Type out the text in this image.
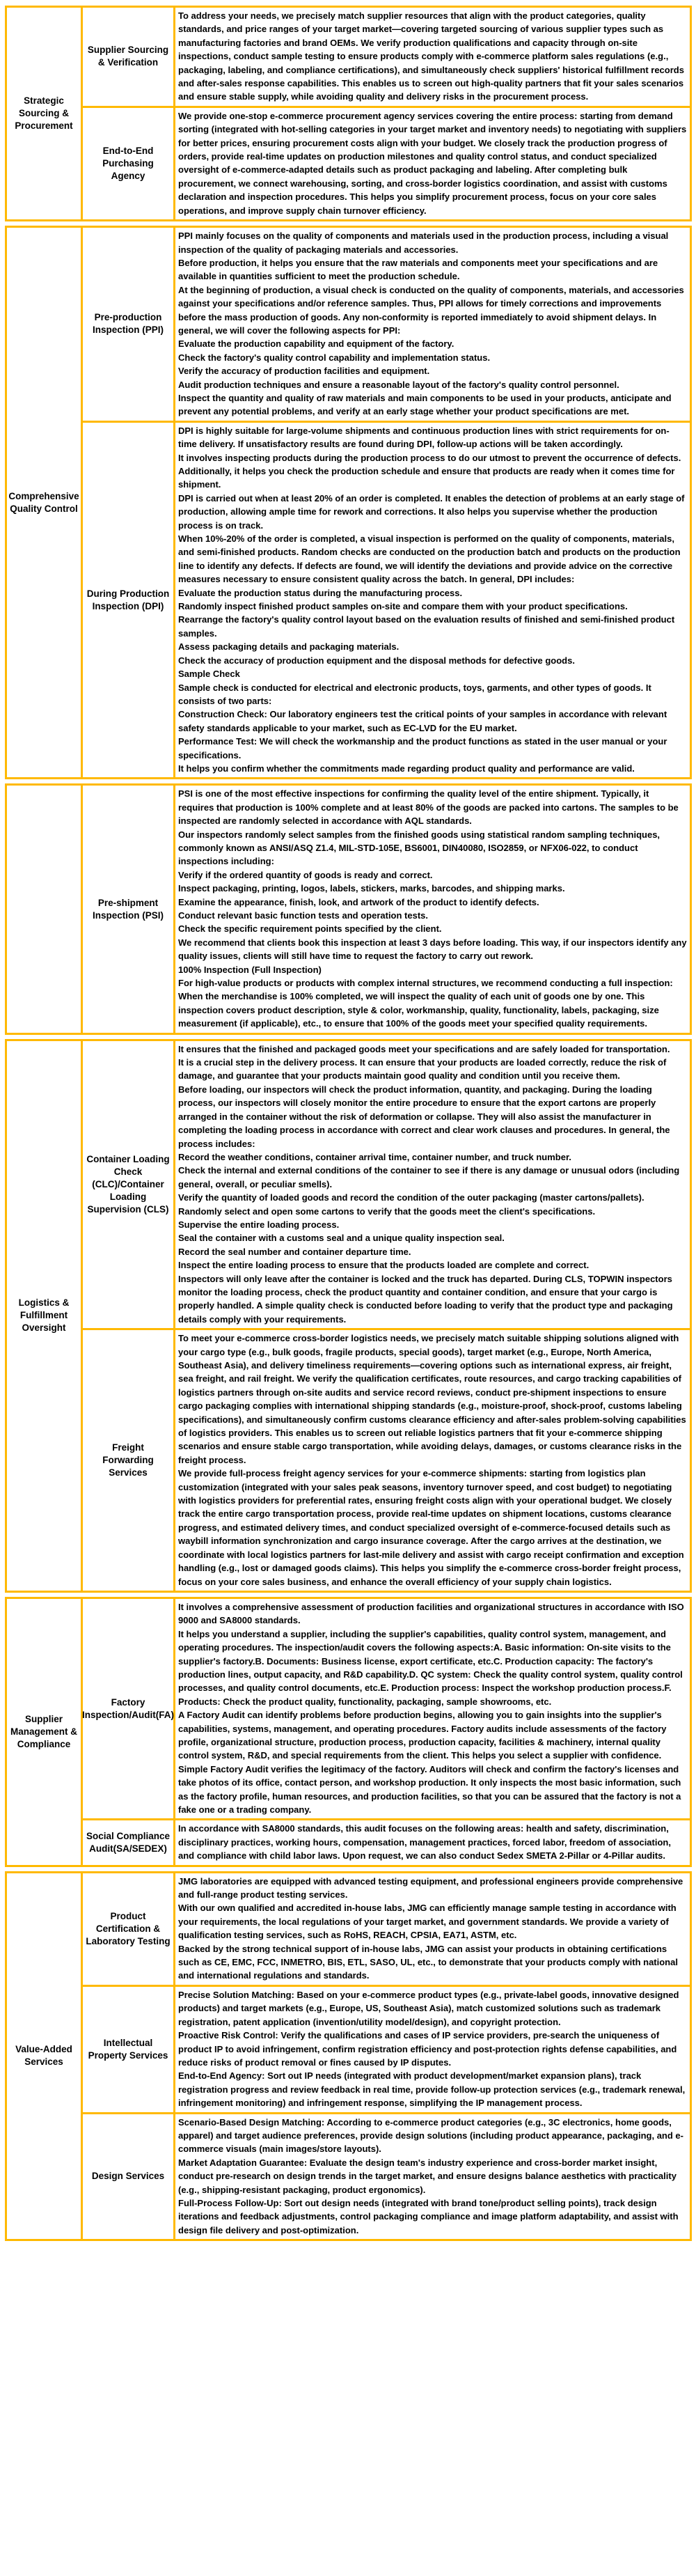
Strategic Sourcing & Procurement
Supplier Sourcing & Verification

To address your needs, we precisely match supplier resources that align with the product categories, quality standards, and price ranges of your target market—covering targeted sourcing of various supplier types such as manufacturing factories and brand OEMs. We verify production qualifications and capacity through on-site inspections, conduct sample testing to ensure products comply with e-commerce platform sales regulations (e.g., packaging, labeling, and compliance certifications), and simultaneously check suppliers' historical fulfillment records and after-sales response capabilities. This enables us to screen out high-quality partners that fit your sales scenarios and ensure stable supply, while avoiding quality and delivery risks in the procurement process.

End-to-End Purchasing Agency

We provide one-stop e-commerce procurement agency services covering the entire process: starting from demand sorting (integrated with hot-selling categories in your target market and inventory needs) to negotiating with suppliers for better prices, ensuring procurement costs align with your budget. We closely track the production progress of orders, provide real-time updates on production milestones and quality control status, and conduct specialized oversight of e-commerce-adapted details such as product packaging and labeling. After completing bulk procurement, we connect warehousing, sorting, and cross-border logistics coordination, and assist with customs declaration and inspection procedures. This helps you simplify procurement process, focus on your core sales operations, and improve supply chain turnover efficiency.

Comprehensive Quality Control
Pre-production Inspection (PPI)

PPI mainly focuses on the quality of components and materials used in the production process, including a visual inspection of the quality of packaging materials and accessories.

Before production, it helps you ensure that the raw materials and components meet your specifications and are available in quantities sufficient to meet the production schedule.

At the beginning of production, a visual check is conducted on the quality of components, materials, and accessories against your specifications and/or reference samples. Thus, PPI allows for timely corrections and improvements before the mass production of goods. Any non-conformity is reported immediately to avoid shipment delays. In general, we will cover the following aspects for PPI:

Evaluate the production capability and equipment of the factory.

Check the factory's quality control capability and implementation status.

Verify the accuracy of production facilities and equipment.

Audit production techniques and ensure a reasonable layout of the factory's quality control personnel.

Inspect the quantity and quality of raw materials and main components to be used in your products, anticipate and prevent any potential problems, and verify at an early stage whether your product specifications are met.

During Production Inspection (DPI)

DPI is highly suitable for large-volume shipments and continuous production lines with strict requirements for on-time delivery. If unsatisfactory results are found during DPI, follow-up actions will be taken accordingly.

It involves inspecting products during the production process to do our utmost to prevent the occurrence of defects. Additionally, it helps you check the production schedule and ensure that products are ready when it comes time for shipment.

DPI is carried out when at least 20% of an order is completed. It enables the detection of problems at an early stage of production, allowing ample time for rework and corrections. It also helps you supervise whether the production process is on track.

When 10%-20% of the order is completed, a visual inspection is performed on the quality of components, materials, and semi-finished products. Random checks are conducted on the production batch and products on the production line to identify any defects. If defects are found, we will identify the deviations and provide advice on the corrective measures necessary to ensure consistent quality across the batch. In general, DPI includes:

Evaluate the production status during the manufacturing process.

Randomly inspect finished product samples on-site and compare them with your product specifications.

Rearrange the factory's quality control layout based on the evaluation results of finished and semi-finished product samples.

Assess packaging details and packaging materials.

Check the accuracy of production equipment and the disposal methods for defective goods.

Sample Check

Sample check is conducted for electrical and electronic products, toys, garments, and other types of goods. It consists of two parts:

Construction Check: Our laboratory engineers test the critical points of your samples in accordance with relevant safety standards applicable to your market, such as EC-LVD for the EU market.

Performance Test: We will check the workmanship and the product functions as stated in the user manual or your specifications.

It helps you confirm whether the commitments made regarding product quality and performance are valid.

Pre-shipment Inspection (PSI)

PSI is one of the most effective inspections for confirming the quality level of the entire shipment. Typically, it requires that production is 100% complete and at least 80% of the goods are packed into cartons. The samples to be inspected are randomly selected in accordance with AQL standards.

Our inspectors randomly select samples from the finished goods using statistical random sampling techniques, commonly known as ANSI/ASQ Z1.4, MIL-STD-105E, BS6001, DIN40080, ISO2859, or NFX06-022, to conduct inspections including:

Verify if the ordered quantity of goods is ready and correct.

Inspect packaging, printing, logos, labels, stickers, marks, barcodes, and shipping marks.

Examine the appearance, finish, look, and artwork of the product to identify defects.

Conduct relevant basic function tests and operation tests.

Check the specific requirement points specified by the client.

We recommend that clients book this inspection at least 3 days before loading. This way, if our inspectors identify any quality issues, clients will still have time to request the factory to carry out rework.

100% Inspection (Full Inspection)

For high-value products or products with complex internal structures, we recommend conducting a full inspection: When the merchandise is 100% completed, we will inspect the quality of each unit of goods one by one. This inspection covers product description, style & color, workmanship, quality, functionality, labels, packaging, size measurement (if applicable), etc., to ensure that 100% of the goods meet your specified quality requirements.

Logistics & Fulfillment Oversight
Container Loading Check (CLC)/Container Loading Supervision (CLS)

It ensures that the finished and packaged goods meet your specifications and are safely loaded for transportation.

It is a crucial step in the delivery process. It can ensure that your products are loaded correctly, reduce the risk of damage, and guarantee that your products maintain good quality and condition until you receive them.

Before loading, our inspectors will check the product information, quantity, and packaging. During the loading process, our inspectors will closely monitor the entire procedure to ensure that the export cartons are properly arranged in the container without the risk of deformation or collapse. They will also assist the manufacturer in completing the loading process in accordance with correct and clear work clauses and procedures. In general, the process includes:

Record the weather conditions, container arrival time, container number, and truck number.

Check the internal and external conditions of the container to see if there is any damage or unusual odors (including general, overall, or peculiar smells).

Verify the quantity of loaded goods and record the condition of the outer packaging (master cartons/pallets).

Randomly select and open some cartons to verify that the goods meet the client's specifications.

Supervise the entire loading process.

Seal the container with a customs seal and a unique quality inspection seal.

Record the seal number and container departure time.

Inspect the entire loading process to ensure that the products loaded are complete and correct.

Inspectors will only leave after the container is locked and the truck has departed. During CLS, TOPWIN inspectors monitor the loading process, check the product quantity and container condition, and ensure that your cargo is properly handled. A simple quality check is conducted before loading to verify that the product type and packaging details comply with your requirements.

Freight Forwarding Services

To meet your e-commerce cross-border logistics needs, we precisely match suitable shipping solutions aligned with your cargo type (e.g., bulk goods, fragile products, special goods), target market (e.g., Europe, North America, Southeast Asia), and delivery timeliness requirements—covering options such as international express, air freight, sea freight, and rail freight. We verify the qualification certificates, route resources, and cargo tracking capabilities of logistics partners through on-site audits and service record reviews, conduct pre-shipment inspections to ensure cargo packaging complies with international shipping standards (e.g., moisture-proof, shock-proof, customs labeling specifications), and simultaneously confirm customs clearance efficiency and after-sales problem-solving capabilities of logistics providers. This enables us to screen out reliable logistics partners that fit your e-commerce shipping scenarios and ensure stable cargo transportation, while avoiding delays, damages, or customs clearance risks in the freight process.

We provide full-process freight agency services for your e-commerce shipments: starting from logistics plan customization (integrated with your sales peak seasons, inventory turnover speed, and cost budget) to negotiating with logistics providers for preferential rates, ensuring freight costs align with your operational budget. We closely track the entire cargo transportation process, provide real-time updates on shipment locations, customs clearance progress, and estimated delivery times, and conduct specialized oversight of e-commerce-focused details such as waybill information synchronization and cargo insurance coverage. After the cargo arrives at the destination, we coordinate with local logistics partners for last-mile delivery and assist with cargo receipt confirmation and exception handling (e.g., lost or damaged goods claims). This helps you simplify the e-commerce cross-border freight process, focus on your core sales business, and enhance the overall efficiency of your supply chain logistics.

Supplier Management & Compliance
Factory Inspection/Audit(FA)

It involves a comprehensive assessment of production facilities and organizational structures in accordance with ISO 9000 and SA8000 standards.

It helps you understand a supplier, including the supplier's capabilities, quality control system, management, and operating procedures. The inspection/audit covers the following aspects:A. Basic information: On-site visits to the supplier's factory.B. Documents: Business license, export certificate, etc.C. Production capacity: The factory's production lines, output capacity, and R&D capability.D. QC system: Check the quality control system, quality control processes, and quality control documents, etc.E. Production process: Inspect the workshop production process.F. Products: Check the product quality, functionality, packaging, sample showrooms, etc.

A Factory Audit can identify problems before production begins, allowing you to gain insights into the supplier's capabilities, systems, management, and operating procedures. Factory audits include assessments of the factory profile, organizational structure, production process, production capacity, facilities & machinery, internal quality control system, R&D, and special requirements from the client. This helps you select a supplier with confidence.

Simple Factory Audit verifies the legitimacy of the factory. Auditors will check and confirm the factory's licenses and take photos of its office, contact person, and workshop production. It only inspects the most basic information, such as the factory profile, human resources, and production facilities, so that you can be assured that the factory is not a fake one or a trading company.

Social Compliance Audit(SA/SEDEX)

In accordance with SA8000 standards, this audit focuses on the following areas: health and safety, discrimination, disciplinary practices, working hours, compensation, management practices, forced labor, freedom of association, and compliance with child labor laws. Upon request, we can also conduct Sedex SMETA 2-Pillar or 4-Pillar audits.

Value-Added Services
Product Certification & Laboratory Testing

JMG laboratories are equipped with advanced testing equipment, and professional engineers provide comprehensive and full-range product testing services.

With our own qualified and accredited in-house labs, JMG can efficiently manage sample testing in accordance with your requirements, the local regulations of your target market, and government standards. We provide a variety of qualification testing services, such as RoHS, REACH, CPSIA, EA71, ASTM, etc.

Backed by the strong technical support of in-house labs, JMG can assist your products in obtaining certifications such as CE, EMC, FCC, INMETRO, BIS, ETL, SASO, UL, etc., to demonstrate that your products comply with national and international regulations and standards.

Intellectual Property Services

Precise Solution Matching: Based on your e-commerce product types (e.g., private-label goods, innovative designed products) and target markets (e.g., Europe, US, Southeast Asia), match customized solutions such as trademark registration, patent application (invention/utility model/design), and copyright protection.

Proactive Risk Control: Verify the qualifications and cases of IP service providers, pre-search the uniqueness of product IP to avoid infringement, confirm registration efficiency and post-protection rights defense capabilities, and reduce risks of product removal or fines caused by IP disputes.

End-to-End Agency: Sort out IP needs (integrated with product development/market expansion plans), track registration progress and review feedback in real time, provide follow-up protection services (e.g., trademark renewal, infringement monitoring) and infringement response, simplifying the IP management process.

Design Services

Scenario-Based Design Matching: According to e-commerce product categories (e.g., 3C electronics, home goods, apparel) and target audience preferences, provide design solutions (including product appearance, packaging, and e-commerce visuals (main images/store layouts).

Market Adaptation Guarantee: Evaluate the design team's industry experience and cross-border market insight, conduct pre-research on design trends in the target market, and ensure designs balance aesthetics with practicality (e.g., shipping-resistant packaging, product ergonomics).

Full-Process Follow-Up: Sort out design needs (integrated with brand tone/product selling points), track design iterations and feedback adjustments, control packaging compliance and image platform adaptability, and assist with design file delivery and post-optimization.
